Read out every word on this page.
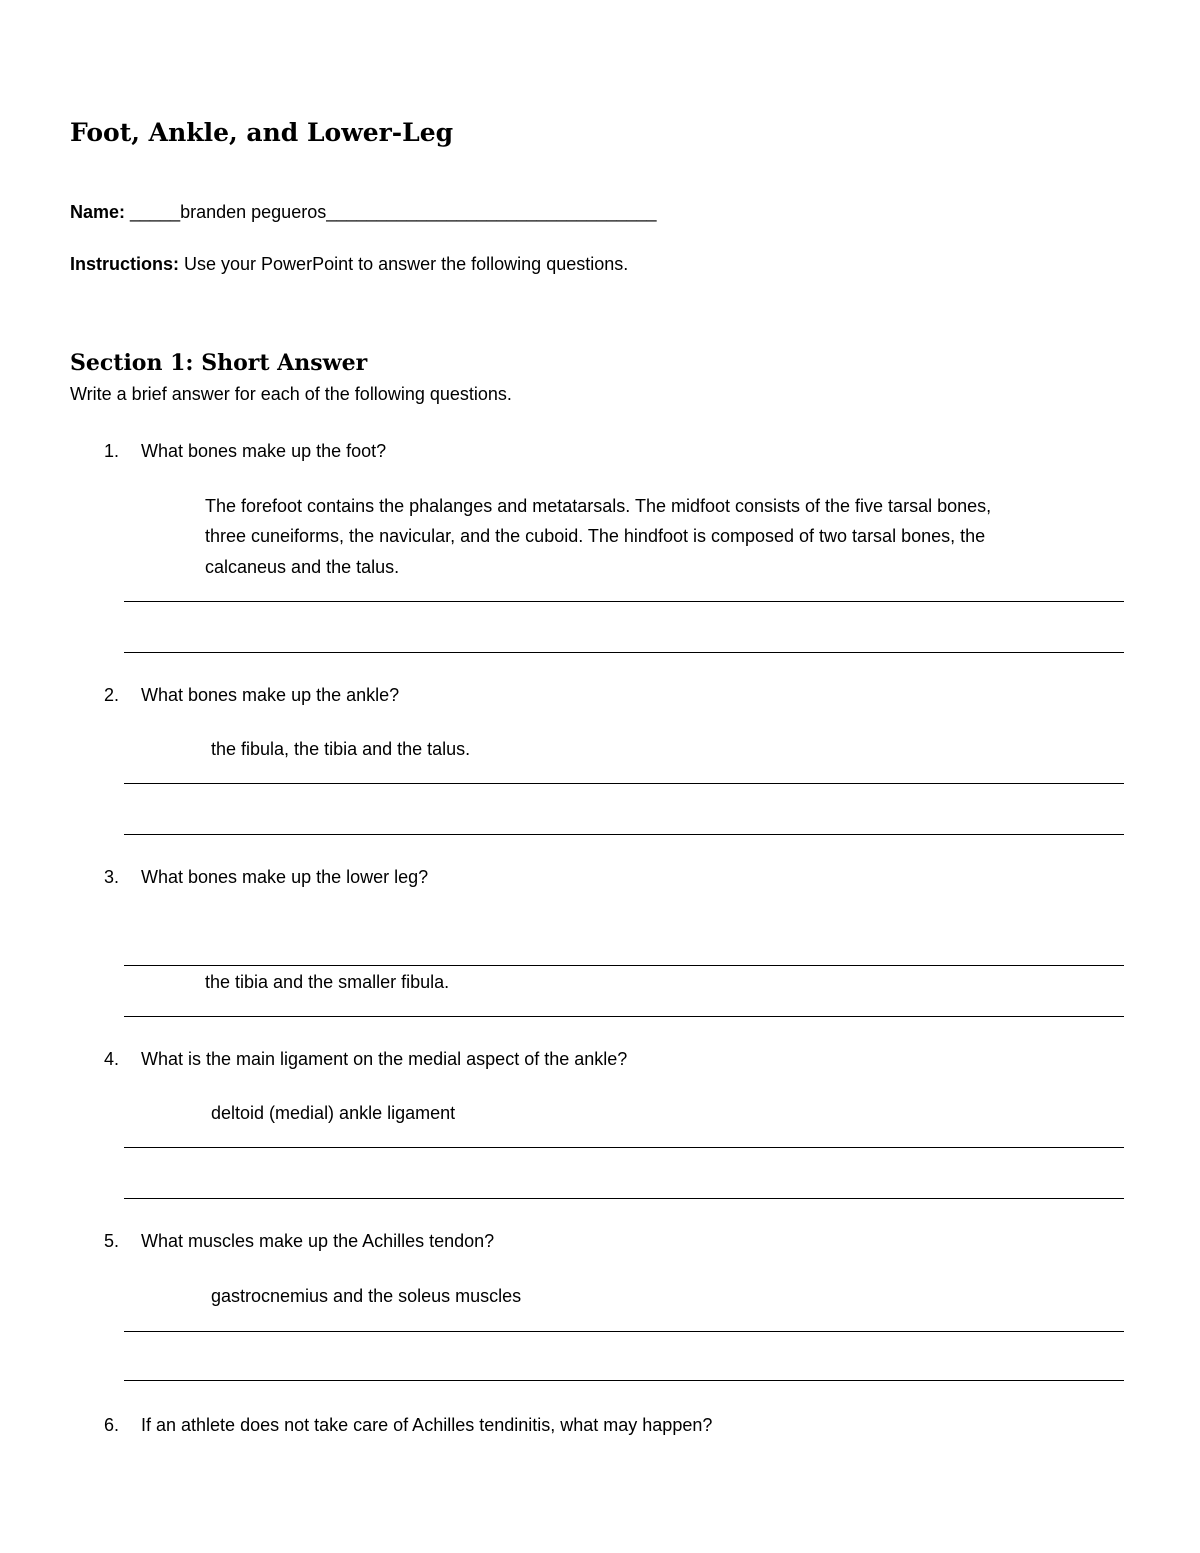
Foot, Ankle, and Lower-Leg
Name: _____branden pegueros_________________________________
Instructions: Use your PowerPoint to answer the following questions.
Section 1: Short Answer
Write a brief answer for each of the following questions.
1.	What bones make up the foot?
The forefoot contains the phalanges and metatarsals. The midfoot consists of the five tarsal bones,
three cuneiforms, the navicular, and the cuboid. The hindfoot is composed of two tarsal bones, the
calcaneus and the talus.
2.	What bones make up the ankle?
the fibula, the tibia and the talus.
3.	What bones make up the lower leg?
the tibia and the smaller fibula.
4.	What is the main ligament on the medial aspect of the ankle?
deltoid (medial) ankle ligament
5.	What muscles make up the Achilles tendon?
gastrocnemius and the soleus muscles
6.	If an athlete does not take care of Achilles tendinitis, what may happen?
